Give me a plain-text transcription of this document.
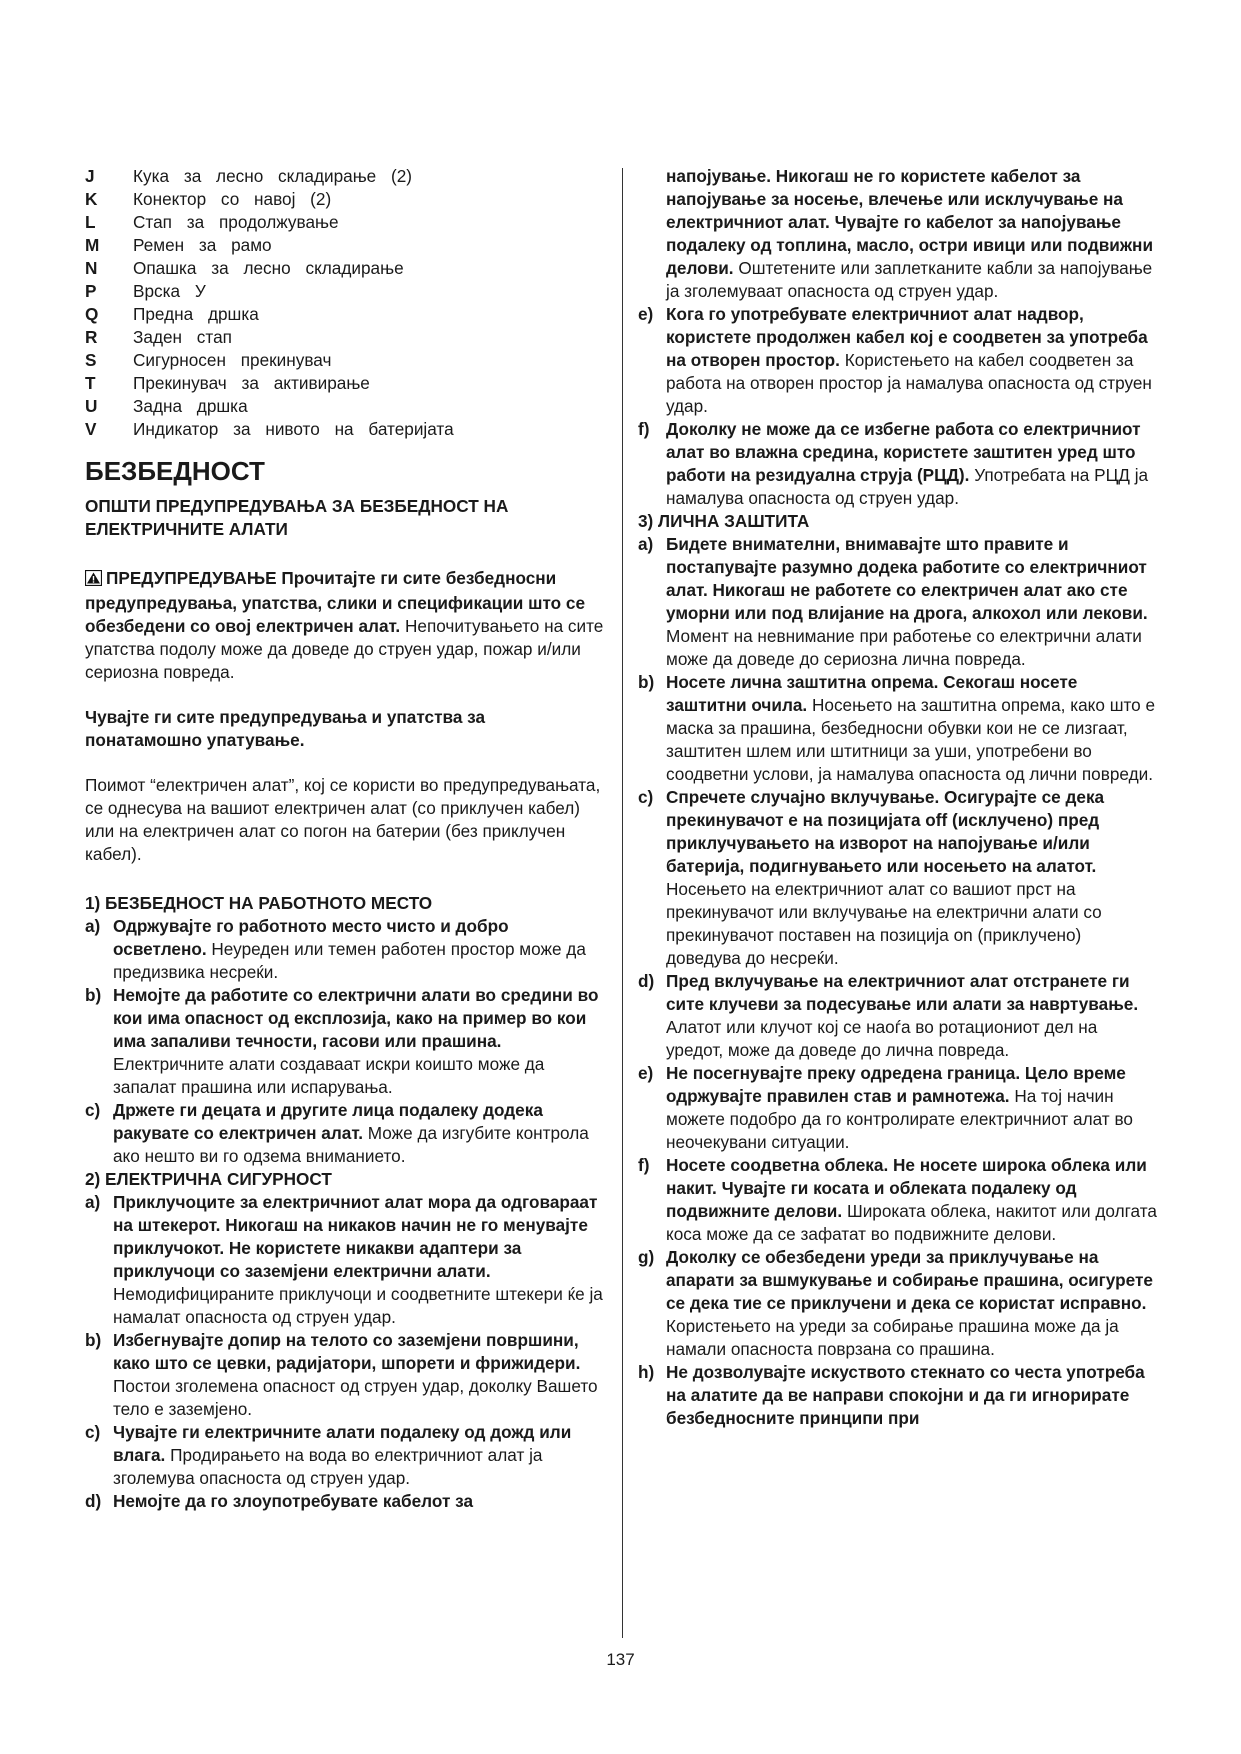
J	Кука за лесно складирање (2)
K	Конектор со навој (2)
L	Стап за продолжување
M	Ремен за рамо
N	Опашка за лесно складирање
P	Врска У
Q	Предна дршка
R	Заден стап
S	Сигурносен прекинувач
T	Прекинувач за активирање
U	Задна дршка
V	Индикатор за нивото на батеријата
БЕЗБЕДНОСТ
ОПШТИ ПРЕДУПРЕДУВАЊА ЗА БЕЗБЕДНОСТ НА ЕЛЕКТРИЧНИТЕ АЛАТИ
ПРЕДУПРЕДУВАЊЕ Прочитајте ги сите безбедносни предупредувања, упатства, слики и спецификации што се обезбедени со овој електричен алат. Непочитувањето на сите упатства подолу може да доведе до струен удар, пожар и/или сериозна повреда.
Чувајте ги сите предупредувања и упатства за понатамошно упатување.
Поимот “електричен алат”, кој се користи во предупредувањата, се однесува на вашиот електричен алат (со приклучен кабел) или на електричен алат со погон на батерии (без приклучен кабел).
1) БЕЗБЕДНОСТ НА РАБОТНОТО МЕСТО
a) Одржувајте го работното место чисто и добро осветлено. Неуреден или темен работен простор може да предизвика несреќи.
b) Немојте да работите со електрични алати во средини во кои има опасност од експлозија, како на пример во кои има запаливи течности, гасови или прашина. Електричните алати создаваат искри коишто може да запалат прашина или испарувања.
c) Држете ги децата и другите лица подалеку додека ракувате со електричен алат. Може да изгубите контрола ако нешто ви го одзема вниманието.
2) ЕЛЕКТРИЧНА СИГУРНОСТ
a) Приклучоците за електричниот алат мора да одговараат на штекерот. Никогаш на никаков начин не го менувајте приклучокот. Не користете никакви адаптери за приклучоци со заземјени електрични алати. Немодифицираните приклучоци и соодветните штекери ќе ја намалат опасноста од струен удар.
b) Избегнувајте допир на телото со заземјени површини, како што се цевки, радијатори, шпорети и фрижидери. Постои зголемена опасност од струен удар, доколку Вашето тело е заземјено.
c) Чувајте ги електричните алати подалеку од дожд или влага. Продирањето на вода во електричниот алат ја зголемува опасноста од струен удар.
d) Немојте да го злоупотребувате кабелот за
напојување. Никогаш не го користете кабелот за напојување за носење, влечење или исклучување на електричниот алат. Чувајте го кабелот за напојување подалеку од топлина, масло, остри ивици или подвижни делови. Оштетените или заплетканите кабли за напојување ја зголемуваат опасноста од струен удар.
e) Кога го употребувате електричниот алат надвор, користете продолжен кабел кој е соодветен за употреба на отворен простор. Користењето на кабел соодветен за работа на отворен простор ја намалува опасноста од струен удар.
f) Доколку не може да се избегне работа со електричниот алат во влажна средина, користете заштитен уред што работи на резидуална струја (РЦД). Употребата на РЦД ја намалува опасноста од струен удар.
3) ЛИЧНА ЗАШТИТА
a) Бидете внимателни, внимавајте што правите и постапувајте разумно додека работите со електричниот алат. Никогаш не работете со електричен алат ако сте уморни или под влијание на дрога, алкохол или лекови. Момент на невнимание при работење со електрични алати може да доведе до сериозна лична повреда.
b) Носете лична заштитна опрема. Секогаш носете заштитни очила. Носењето на заштитна опрема, како што е маска за прашина, безбедносни обувки кои не се лизгаат, заштитен шлем или штитници за уши, употребени во соодветни услови, ја намалува опасноста од лични повреди.
c) Спречете случајно вклучување. Осигурајте се дека прекинувачот е на позицијата off (исклучено) пред приклучувањето на изворот на напојување и/или батерија, подигнувањето или носењето на алатот. Носењето на електричниот алат со вашиот прст на прекинувачот или вклучување на електрични алати со прекинувачот поставен на позиција on (приклучено) доведува до несреќи.
d) Пред вклучување на електричниот алат отстранете ги сите клучеви за подесување или алати за навртување. Алатот или клучот кој се наоѓа во ротациониот дел на уредот, може да доведе до лична повреда.
e) Не посегнувајте преку одредена граница. Цело време одржувајте правилен став и рамнотежа. На тој начин можете подобро да го контролирате електричниот алат во неочекувани ситуации.
f) Носете соодветна облека. Не носете широка облека или накит. Чувајте ги косата и облеката подалеку од подвижните делови. Широката облека, накитот или долгата коса може да се зафатат во подвижните делови.
g) Доколку се обезбедени уреди за приклучување на апарати за вшмукување и собирање прашина, осигурете се дека тие се приклучени и дека се користат исправно. Користењето на уреди за собирање прашина може да ја намали опасноста поврзана со прашина.
h) Не дозволувајте искуството стекнато со честа употреба на алатите да ве направи спокојни и да ги игнорирате безбедносните принципи при
137
